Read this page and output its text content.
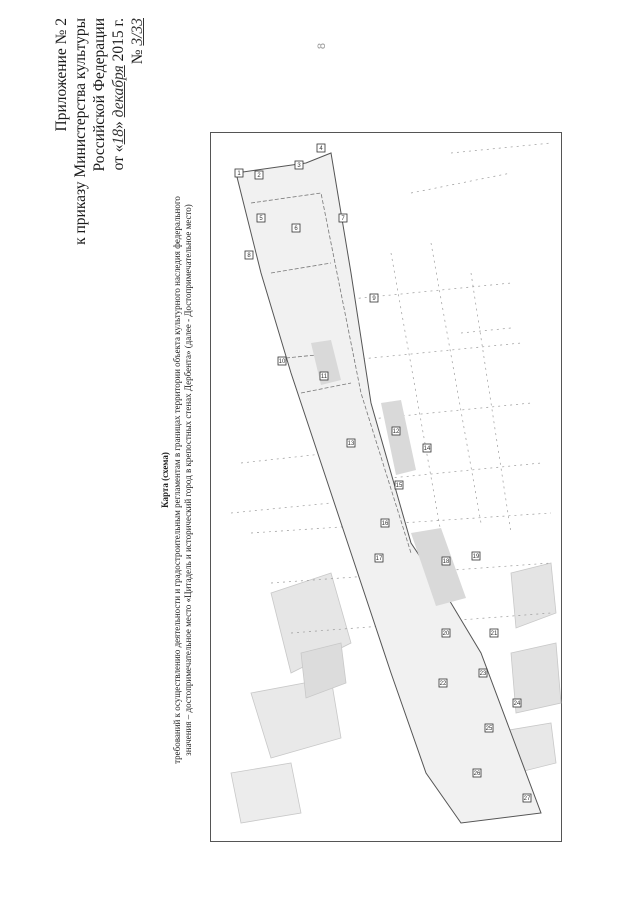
8
Приложение № 2 к приказу Министерства культуры Российской Федерации от «18» декабря 2015 г. № 3/33
Карта (схема) требований к осуществлению деятельности и градостроительным регламентам в границах территории объекта культурного наследия федерального значения – достопримечательное место «Цитадель и исторический город в крепостных стенах Дербента» (далее - Достопримечательное место)
1	2
3
4
5
6
7
8
9
10
11
12
13
14
15
16
17	18
19
20	21
22
23
24
25
26
27
